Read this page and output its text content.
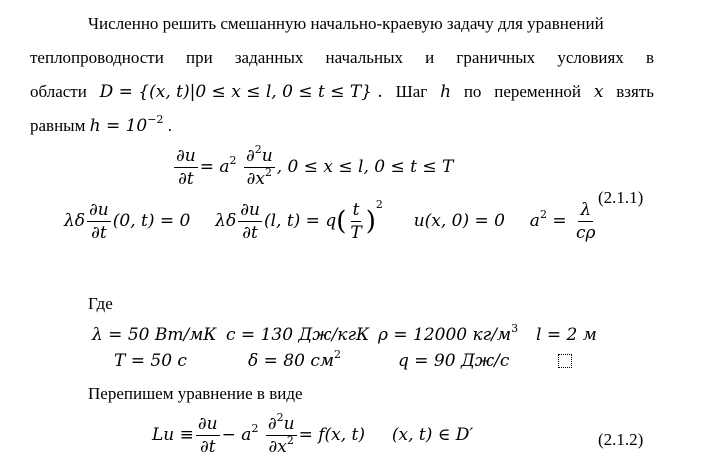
Численно решить смешанную начально-краевую задачу для уравнений
теплопроводности при заданных начальных и граничных условиях в
области D = {(x, t)|0 ≤ x ≤ l, 0 ≤ t ≤ T} . Шаг h по переменной x взять
равным $h = 10^{-2}$ .
$\frac{\partial u}{\partial t} = a^2 \frac{\partial^2u}{\partial x^2}$ , 0 ≤ x ≤ l, 0 ≤ t ≤ T
(2.1.1)
λδ $\frac{\partial u}{\partial t} (0$, t) = 0 λδ $\frac{\partial u}{\partial t} (l$, $t) = q( \frac{t}{T} )^2$  u(x, 0) = 0 $a^2 = \frac{\lambda}{c\rho}$
Где
λ = 50 Вт/мК c = 130 Дж/кгК ρ = 12000 $кг/м^3$ l = 2 м
T = 50 с	δ = 80 $см^2$	q = 90 Дж/с
Перепишем уравнение в виде
$Lu \equiv \frac{\partial u}{\partial t} - a^2 \frac{\partial^2u}{\partial x^2} = f(x$, t) (x, t) ∈ D′	(2.1.2)
